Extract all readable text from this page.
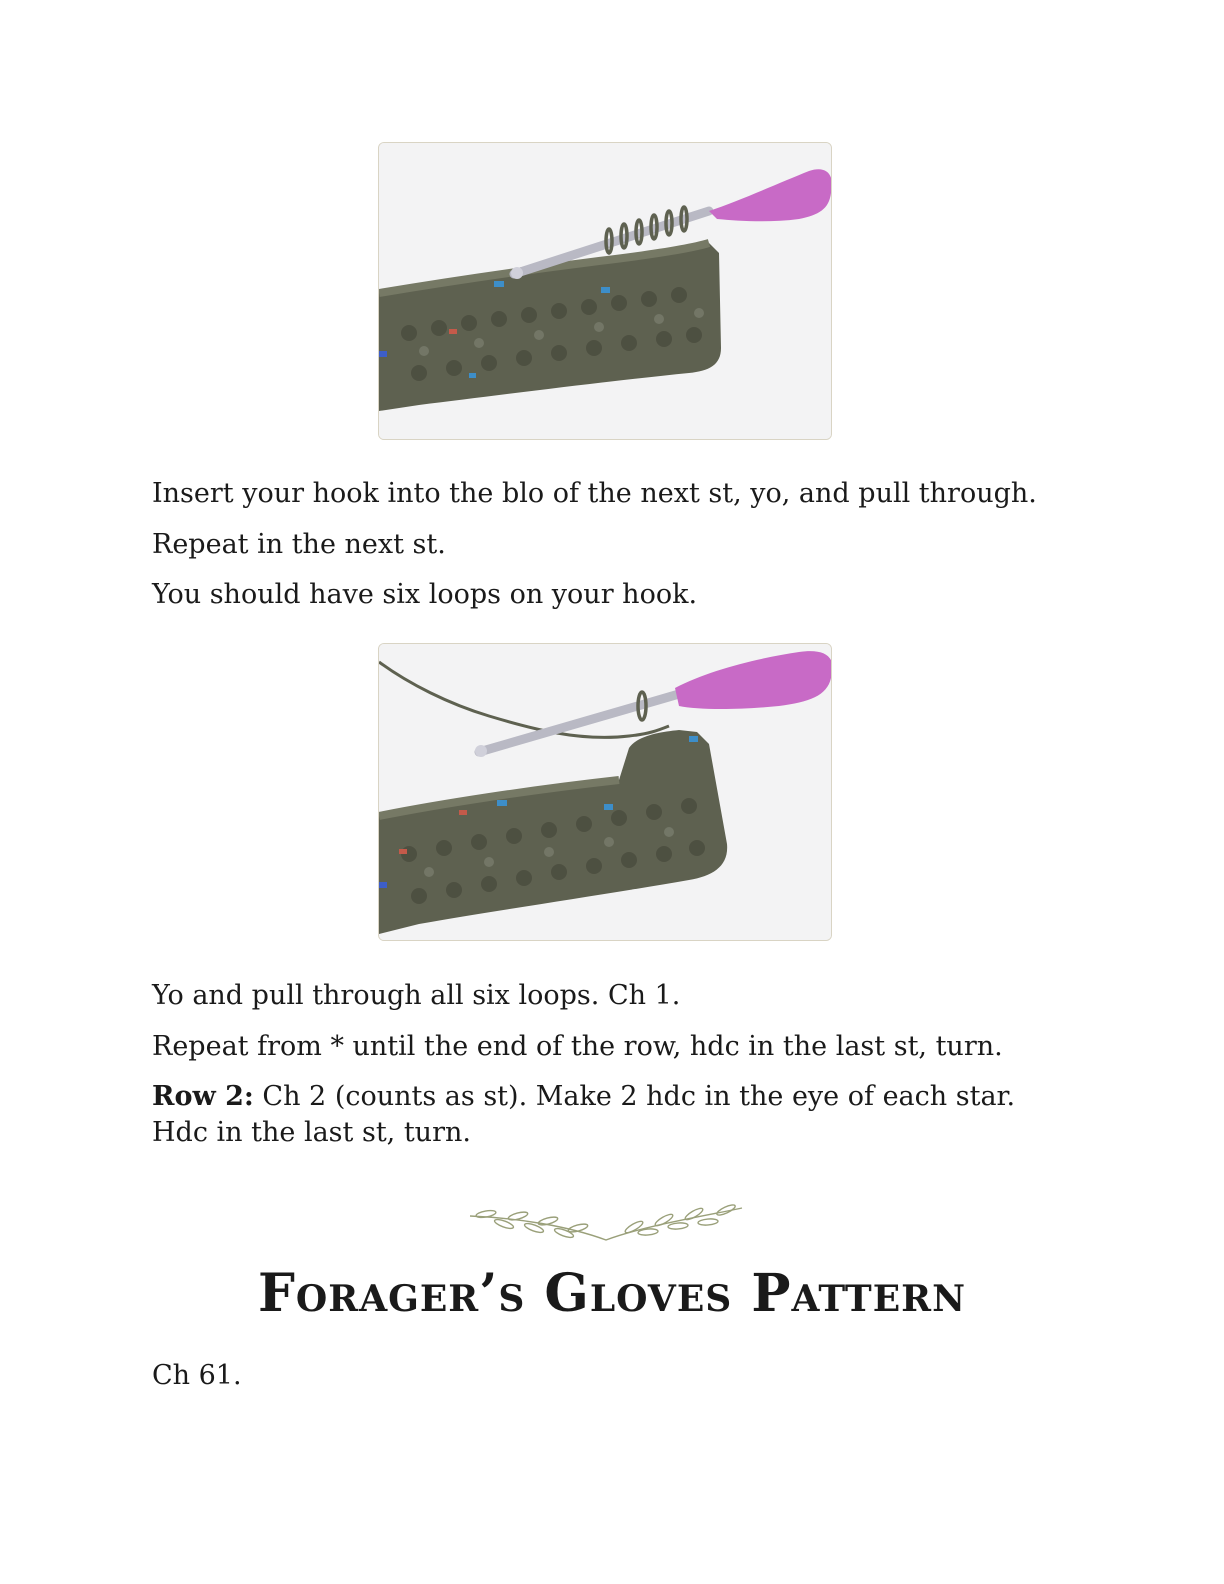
Insert your hook into the blo of the next st, yo, and pull through.

Repeat in the next st.

You should have six loops on your hook.

Yo and pull through all six loops. Ch 1.

Repeat from * until the end of the row, hdc in the last st, turn.

Row 2: Ch 2 (counts as st). Make 2 hdc in the eye of each star. Hdc in the last st, turn.

Forager’s Gloves Pattern

Ch 61.
